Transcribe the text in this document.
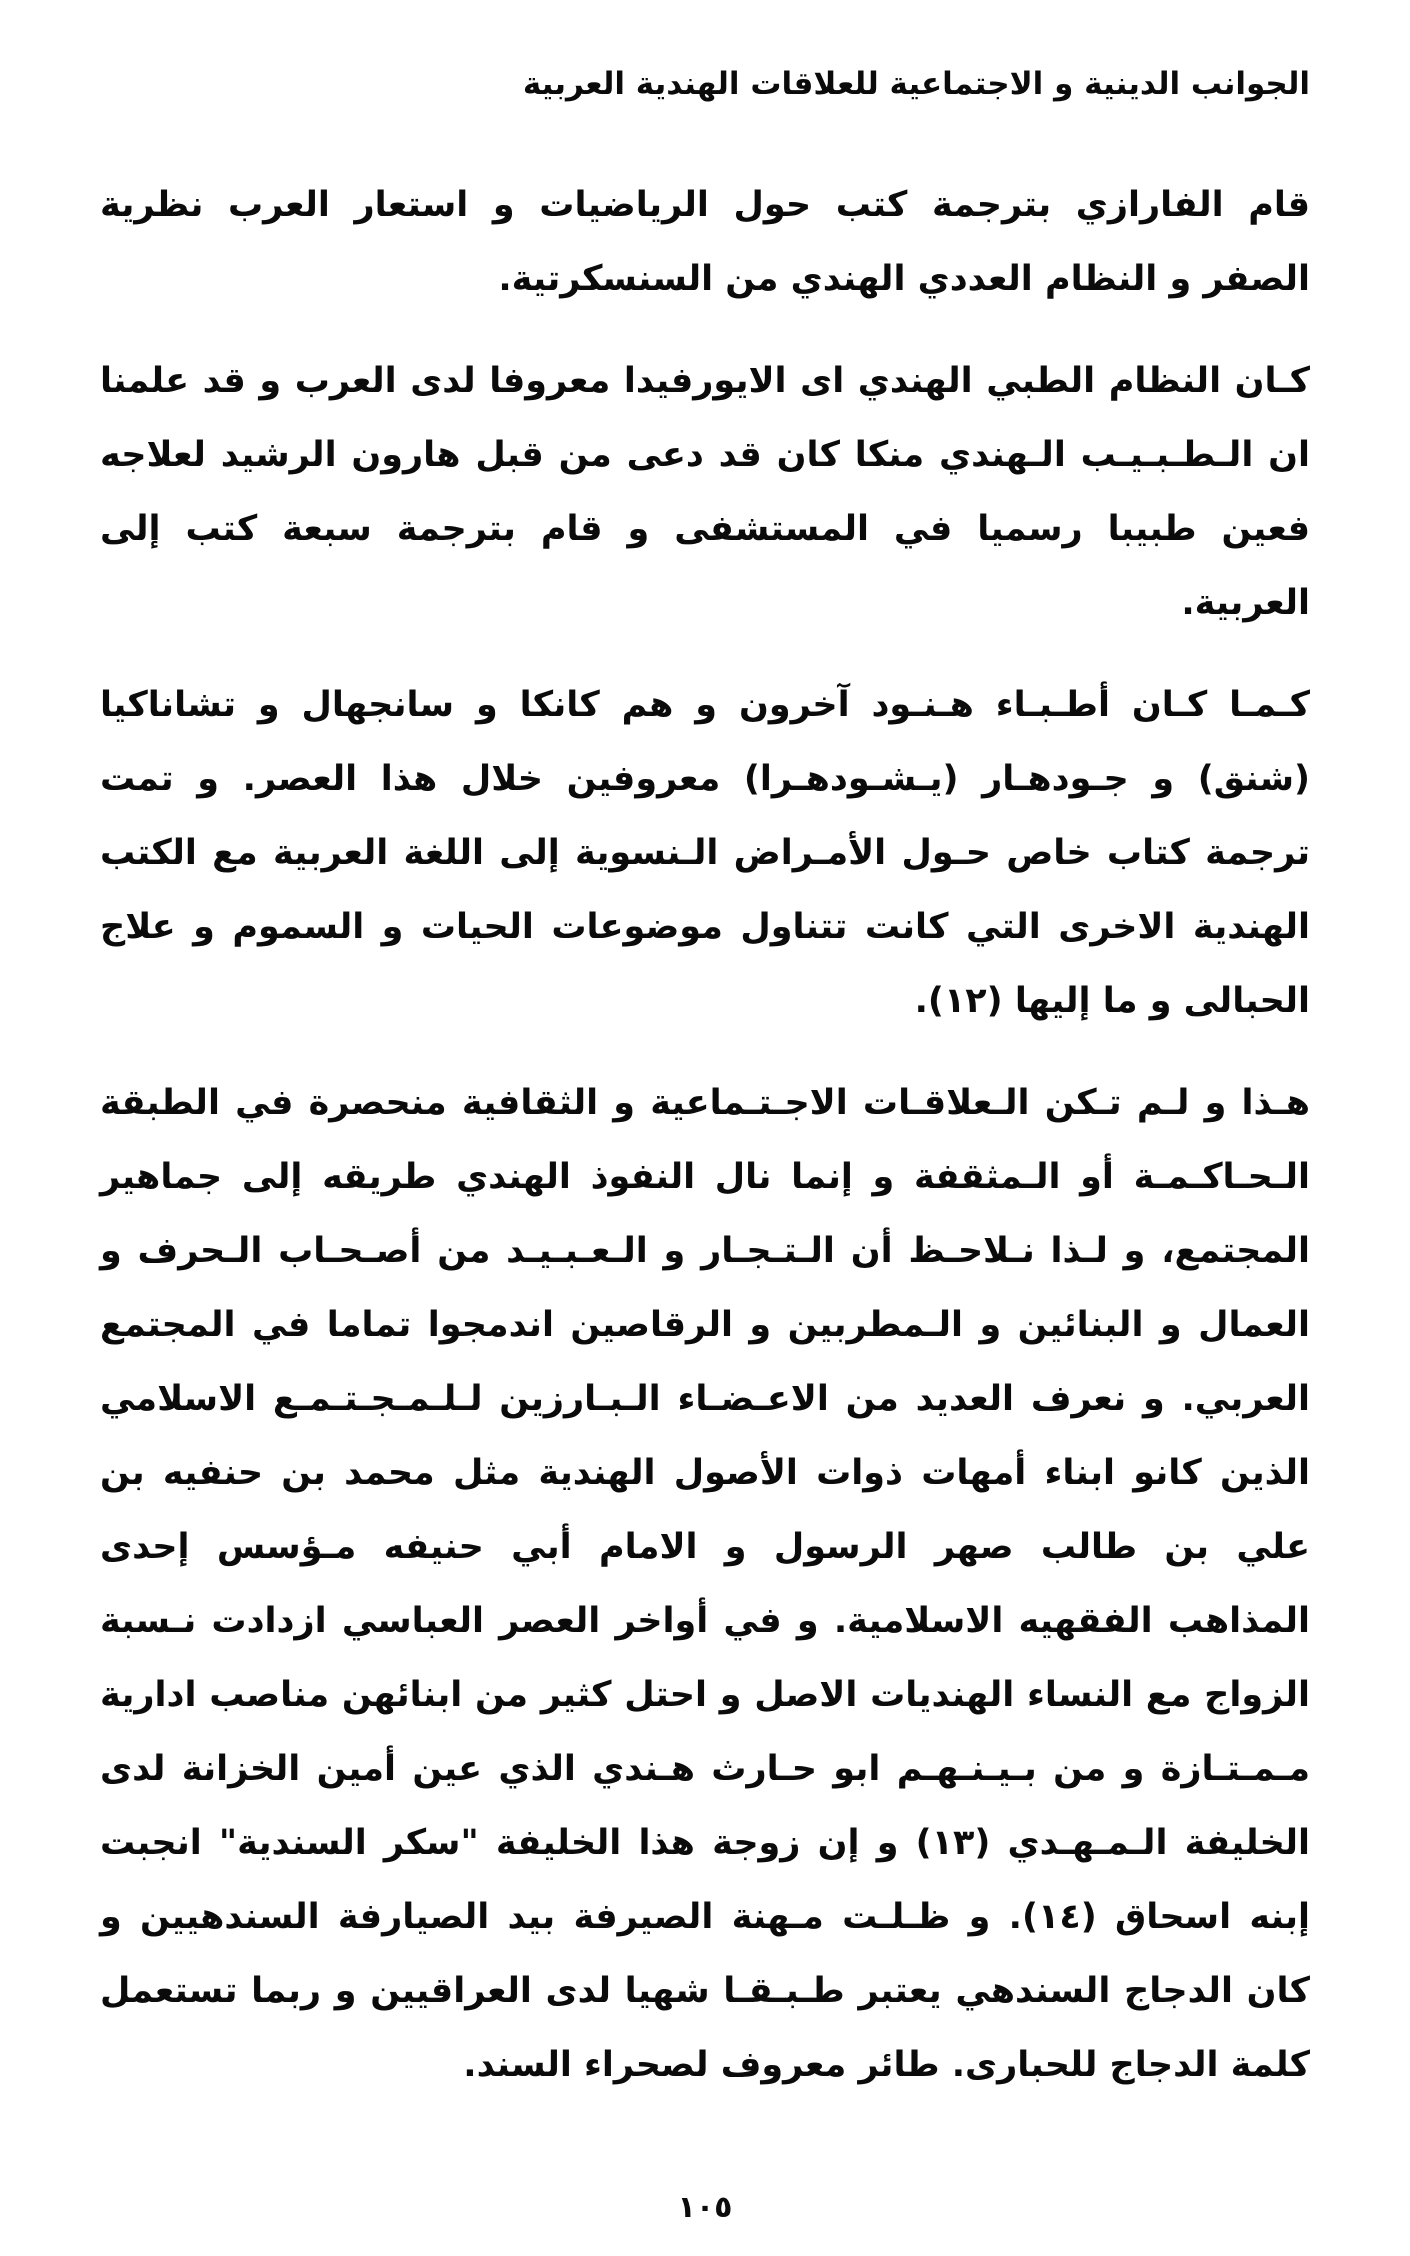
الجوانب الدينية و الاجتماعية للعلاقات الهندية العربية

قام الفارازي بترجمة كتب حول الرياضيات و استعار العرب نظرية الصفر و النظام العددي الهندي من السنسكرتية.

كـان النظام الطبي الهندي اى الايورفيدا معروفا لدى العرب و قد علمنا ان الـطـبـيـب الـهندي منكا كان قد دعى من قبل هارون الرشيد لعلاجه فعين طبيبا رسميا في المستشفى و قام بترجمة سبعة كتب إلى العربية.

كـمـا كـان أطـبـاء هـنـود آخرون و هم كانكا و سانجهال و تشاناكيا (شنق) و جـودهـار (يـشـودهـرا) معروفين خلال هذا العصر. و تمت ترجمة كتاب خاص حـول الأمـراض الـنسوية إلى اللغة العربية مع الكتب الهندية الاخرى التي كانت تتناول موضوعات الحيات و السموم و علاج الحبالى و ما إليها (١٢).

هـذا و لـم تـكن الـعلاقـات الاجـتـماعية و الثقافية منحصرة في الطبقة الـحـاكـمـة أو الـمثقفة و إنما نال النفوذ الهندي طريقه إلى جماهير المجتمع، و لـذا نـلاحـظ أن الـتـجـار و الـعـبـيـد من أصـحـاب الـحرف و العمال و البنائين و الـمطربين و الرقاصين اندمجوا تماما في المجتمع العربي. و نعرف العديد من الاعـضـاء الـبـارزين لـلـمـجـتـمـع الاسلامي الذين كانو ابناء أمهات ذوات الأصول الهندية مثل محمد بن حنفيه بن علي بن طالب صهر الرسول و الامام أبي حنيفه مـؤسس إحدى المذاهب الفقهيه الاسلامية. و في أواخر العصر العباسي ازدادت نـسبة الزواج مع النساء الهنديات الاصل و احتل كثير من ابنائهن مناصب ادارية مـمـتـازة و من بـيـنـهـم ابو حـارث هـندي الذي عين أمين الخزانة لدى الخليفة الـمـهـدي (١٣) و إن زوجة هذا الخليفة "سكر السندية" انجبت إبنه اسحاق (١٤). و ظـلـت مـهنة الصيرفة بيد الصيارفة السندهيين و كان الدجاج السندهي يعتبر طـبـقـا شهيا لدى العراقيين و ربما تستعمل كلمة الدجاج للحبارى. طائر معروف لصحراء السند.

١٠٥
